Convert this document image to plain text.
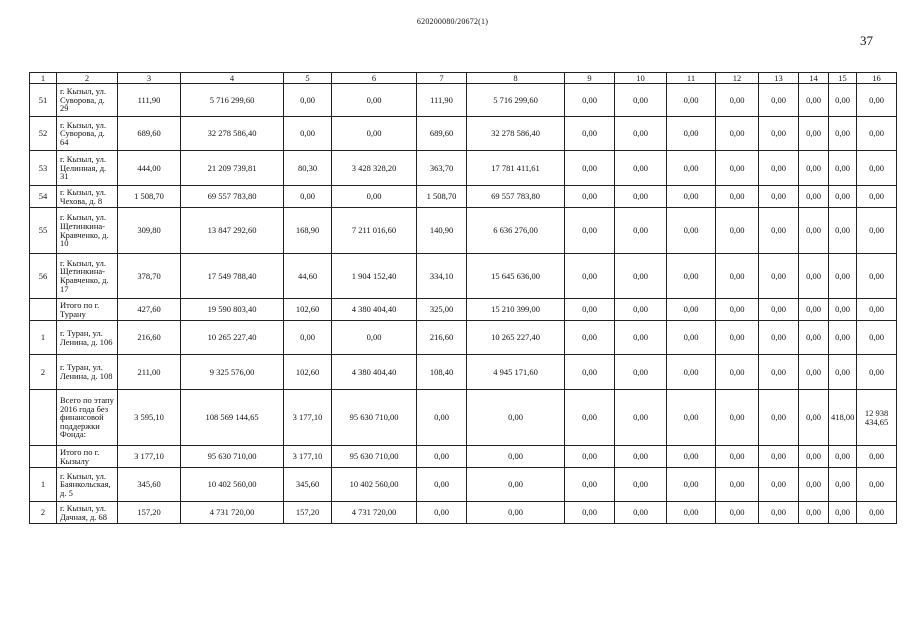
620200080/20672(1)
37
1	2	3	4	5	6	7	8	9	10	11	12	13	14	15	16
51	г. Кызыл, ул. Суворова, д. 29	111,90	5 716 299,60	0,00	0,00	111,90	5 716 299,60	0,00	0,00	0,00	0,00	0,00	0,00	0,00	0,00
52	г. Кызыл, ул. Суворова, д. 64	689,60	32 278 586,40	0,00	0,00	689,60	32 278 586,40	0,00	0,00	0,00	0,00	0,00	0,00	0,00	0,00
53	г. Кызыл, ул. Целинная, д. 31	444,00	21 209 739,81	80,30	3 428 328,20	363,70	17 781 411,61	0,00	0,00	0,00	0,00	0,00	0,00	0,00	0,00
54	г. Кызыл, ул. Чехова, д. 8	1 508,70	69 557 783,80	0,00	0,00	1 508,70	69 557 783,80	0,00	0,00	0,00	0,00	0,00	0,00	0,00	0,00
55	г. Кызыл, ул. Щетинкина-Кравченко, д. 10	309,80	13 847 292,60	168,90	7 211 016,60	140,90	6 636 276,00	0,00	0,00	0,00	0,00	0,00	0,00	0,00	0,00
56	г. Кызыл, ул. Щетинкина-Кравченко, д. 17	378,70	17 549 788,40	44,60	1 904 152,40	334,10	15 645 636,00	0,00	0,00	0,00	0,00	0,00	0,00	0,00	0,00
	Итого по г. Турану	427,60	19 590 803,40	102,60	4 380 404,40	325,00	15 210 399,00	0,00	0,00	0,00	0,00	0,00	0,00	0,00	0,00
1	г. Туран, ул. Ленина, д. 106	216,60	10 265 227,40	0,00	0,00	216,60	10 265 227,40	0,00	0,00	0,00	0,00	0,00	0,00	0,00	0,00
2	г. Туран, ул. Ленина, д. 108	211,00	9 325 576,00	102,60	4 380 404,40	108,40	4 945 171,60	0,00	0,00	0,00	0,00	0,00	0,00	0,00	0,00
	Всего по этапу 2016 года без финансовой поддержки Фонда:	3 595,10	108 569 144,65	3 177,10	95 630 710,00	0,00	0,00	0,00	0,00	0,00	0,00	0,00	0,00	418,00	12 938 434,65
	Итого по г. Кызылу	3 177,10	95 630 710,00	3 177,10	95 630 710,00	0,00	0,00	0,00	0,00	0,00	0,00	0,00	0,00	0,00	0,00
1	г. Кызыл, ул. Баянкольская, д. 5	345,60	10 402 560,00	345,60	10 402 560,00	0,00	0,00	0,00	0,00	0,00	0,00	0,00	0,00	0,00	0,00
2	г. Кызыл, ул. Дачная, д. 68	157,20	4 731 720,00	157,20	4 731 720,00	0,00	0,00	0,00	0,00	0,00	0,00	0,00	0,00	0,00	0,00
